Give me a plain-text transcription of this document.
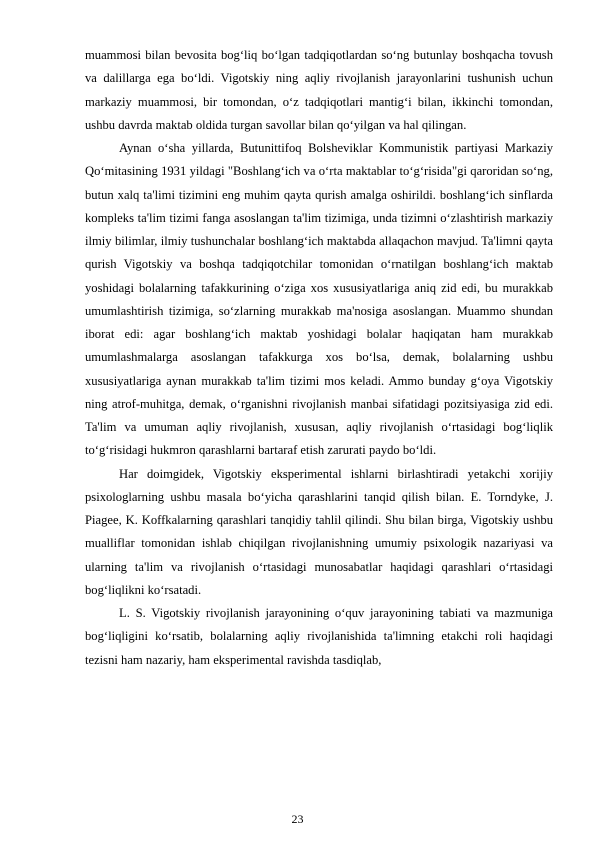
muammosi bilan bevosita bog‘liq bo‘lgan tadqiqotlardan so‘ng butunlay boshqacha tovush va dalillarga ega bo‘ldi. Vigotskiy ning aqliy rivojlanish jarayonlarini tushunish uchun markaziy muammosi, bir tomondan, o‘z tadqiqotlari mantig‘i bilan, ikkinchi tomondan, ushbu davrda maktab oldida turgan savollar bilan qo‘yilgan va hal qilingan.

Aynan o‘sha yillarda, Butunittifoq Bolsheviklar Kommunistik partiyasi Markaziy Qo‘mitasining 1931 yildagi "Boshlang‘ich va o‘rta maktablar to‘g‘risida"gi qaroridan so‘ng, butun xalq ta'limi tizimini eng muhim qayta qurish amalga oshirildi. boshlang‘ich sinflarda kompleks ta'lim tizimi fanga asoslangan ta'lim tizimiga, unda tizimni o‘zlashtirish markaziy ilmiy bilimlar, ilmiy tushunchalar boshlang‘ich maktabda allaqachon mavjud. Ta'limni qayta qurish Vigotskiy va boshqa tadqiqotchilar tomonidan o‘rnatilgan boshlang‘ich maktab yoshidagi bolalarning tafakkurining o‘ziga xos xususiyatlariga aniq zid edi, bu murakkab umumlashtirish tizimiga, so‘zlarning murakkab ma'nosiga asoslangan. Muammo shundan iborat edi: agar boshlang‘ich maktab yoshidagi bolalar haqiqatan ham murakkab umumlashmalarga asoslangan tafakkurga xos bo‘lsa, demak, bolalarning ushbu xususiyatlariga aynan murakkab ta'lim tizimi mos keladi. Ammo bunday g‘oya Vigotskiy ning atrof-muhitga, demak, o‘rganishni rivojlanish manbai sifatidagi pozitsiyasiga zid edi. Ta'lim va umuman aqliy rivojlanish, xususan, aqliy rivojlanish o‘rtasidagi bog‘liqlik to‘g‘risidagi hukmron qarashlarni bartaraf etish zarurati paydo bo‘ldi.

Har doimgidek, Vigotskiy eksperimental ishlarni birlashtiradi yetakchi xorijiy psixologlarning ushbu masala bo‘yicha qarashlarini tanqid qilish bilan. E. Torndyke, J. Piagee, K. Koffkalarning qarashlari tanqidiy tahlil qilindi. Shu bilan birga, Vigotskiy ushbu mualliflar tomonidan ishlab chiqilgan rivojlanishning umumiy psixologik nazariyasi va ularning ta'lim va rivojlanish o‘rtasidagi munosabatlar haqidagi qarashlari o‘rtasidagi bog‘liqlikni ko‘rsatadi.

L. S. Vigotskiy rivojlanish jarayonining o‘quv jarayonining tabiati va mazmuniga bog‘liqligini ko‘rsatib, bolalarning aqliy rivojlanishida ta'limning etakchi roli haqidagi tezisni ham nazariy, ham eksperimental ravishda tasdiqlab,

23
